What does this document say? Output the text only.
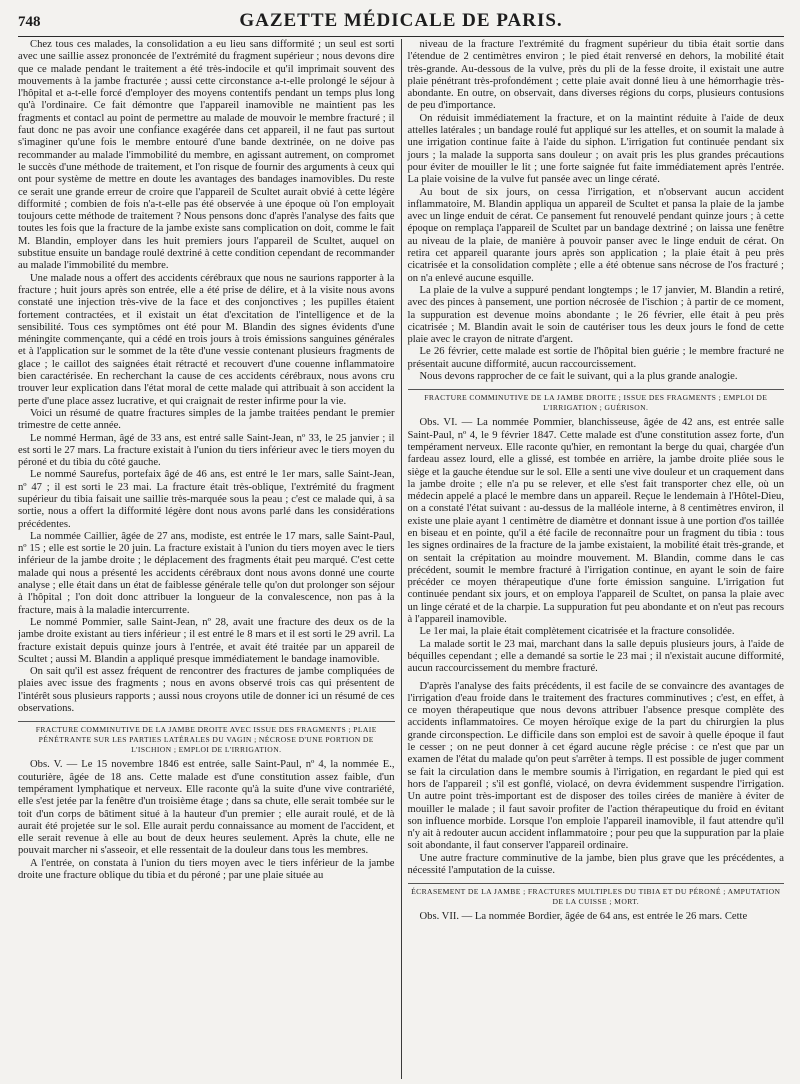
748	GAZETTE MÉDICALE DE PARIS.

Chez tous ces malades, la consolidation a eu lieu sans difformité ; un seul est sorti avec une saillie assez prononcée de l'extrémité du fragment supérieur ; nous devons dire que ce malade pendant le traitement a été très-indocile et qu'il imprimait souvent des mouvements à la jambe fracturée ; aussi cette circonstance a-t-elle prolongé le séjour à l'hôpital et a-t-elle forcé d'employer des moyens contentifs pendant un temps plus long qu'à l'ordinaire. Ce fait démontre que l'appareil inamovible ne maintient pas les fragments et contacl au point de permettre au malade de mouvoir le membre fracturé ; il faut donc ne pas avoir une confiance exagérée dans cet appareil, il ne faut pas surtout s'imaginer qu'une fois le membre entouré d'une bande dextrinée, on ne doive pas recommander au malade l'immobilité du membre, en agissant autrement, on compromet le succès d'une méthode de traitement, et l'on risque de fournir des arguments à ceux qui ont pour système de mettre en doute les avantages des bandages inamovibles. Du reste ce serait une grande erreur de croire que l'appareil de Scultet aurait obvié à cette légère difformité ; combien de fois n'a-t-elle pas été observée à une époque où l'on employait toujours cette méthode de traitement ? Nous pensons donc d'après l'analyse des faits que toutes les fois que la fracture de la jambe existe sans complication on doit, comme le fait M. Blandin, employer dans les huit premiers jours l'appareil de Scultet, auquel on substitue ensuite un bandage roulé dextriné à cette condition cependant de recommander au malade l'immobilité du membre.

Une malade nous a offert des accidents cérébraux que nous ne saurions rapporter à la fracture ; huit jours après son entrée, elle a été prise de délire, et à la visite nous avons constaté une injection très-vive de la face et des conjonctives ; les pupilles étaient fortement contractées, et il existait un état d'excitation de l'intelligence et de la sensibilité. Tous ces symptômes ont été pour M. Blandin des signes évidents d'une méningite commençante, qui a cédé en trois jours à trois émissions sanguines générales et à l'application sur le sommet de la tête d'une vessie contenant plusieurs fragments de glace ; le caillot des saignées était rétracté et recouvert d'une couenne inflammatoire bien caractérisée. En recherchant la cause de ces accidents cérébraux, nous avons cru trouver leur explication dans l'état moral de cette malade qui attribuait à son accident la perte d'une place assez lucrative, et qui craignait de rester infirme pour la vie.

Voici un résumé de quatre fractures simples de la jambe traitées pendant le premier trimestre de cette année.

Le nommé Herman, âgé de 33 ans, est entré salle Saint-Jean, nº 33, le 25 janvier ; il est sorti le 27 mars. La fracture existait à l'union du tiers inférieur avec le tiers moyen du péroné et du tibia du côté gauche.

Le nommé Saurefus, portefaix âgé de 46 ans, est entré le 1er mars, salle Saint-Jean, nº 47 ; il est sorti le 23 mai. La fracture était très-oblique, l'extrémité du fragment supérieur du tibia faisait une saillie très-marquée sous la peau ; c'est ce malade qui, à sa sortie, nous a offert la difformité légère dont nous avons parlé dans les considérations précédentes.

La nommée Caillier, âgée de 27 ans, modiste, est entrée le 17 mars, salle Saint-Paul, nº 15 ; elle est sortie le 20 juin. La fracture existait à l'union du tiers moyen avec le tiers inférieur de la jambe droite ; le déplacement des fragments était peu marqué. C'est cette malade qui nous a présenté les accidents cérébraux dont nous avons donné une courte analyse ; elle était dans un état de faiblesse générale telle qu'on dut prolonger son séjour à l'hôpital ; l'on doit donc attribuer la longueur de la convalescence, non pas à la fracture, mais à la maladie intercurrente.

Le nommé Pommier, salle Saint-Jean, nº 28, avait une fracture des deux os de la jambe droite existant au tiers inférieur ; il est entré le 8 mars et il est sorti le 29 avril. La fracture existait depuis quinze jours à l'entrée, et avait été traitée par un appareil de Scultet ; aussi M. Blandin a appliqué presque immédiatement le bandage inamovible.

On sait qu'il est assez fréquent de rencontrer des fractures de jambe compliquées de plaies avec issue des fragments ; nous en avons observé trois cas qui présentent de l'intérêt sous plusieurs rapports ; aussi nous croyons utile de donner ici un résumé de ces observations.

FRACTURE COMMINUTIVE DE LA JAMBE DROITE AVEC ISSUE DES FRAGMENTS ; PLAIE PÉNÉTRANTE SUR LES PARTIES LATÉRALES DU VAGIN ; NÉCROSE D'UNE PORTION DE L'ISCHION ; EMPLOI DE L'IRRIGATION.

Obs. V. — Le 15 novembre 1846 est entrée, salle Saint-Paul, nº 4, la nommée E., couturière, âgée de 18 ans. Cette malade est d'une constitution assez faible, d'un tempérament lymphatique et nerveux. Elle raconte qu'à la suite d'une vive contrariété, elle s'est jetée par la fenêtre d'un troisième étage ; dans sa chute, elle serait tombée sur le toit d'un corps de bâtiment situé à la hauteur d'un premier ; elle aurait roulé, et de là aurait été projetée sur le sol. Elle aurait perdu connaissance au moment de l'accident, et elle serait revenue à elle au bout de deux heures seulement. Après la chute, elle ne pouvait marcher ni s'asseoir, et elle ressentait de la douleur dans tous les membres.

A l'entrée, on constata à l'union du tiers moyen avec le tiers inférieur de la jambe droite une fracture oblique du tibia et du péroné ; par une plaie située au

niveau de la fracture l'extrémité du fragment supérieur du tibia était sortie dans l'étendue de 2 centimètres environ ; le pied était renversé en dehors, la mobilité était très-grande. Au-dessous de la vulve, près du pli de la fesse droite, il existait une autre plaie pénétrant très-profondément ; cette plaie avait donné lieu à une hémorrhagie très-abondante. En outre, on observait, dans diverses régions du corps, plusieurs contusions de peu d'importance.

On réduisit immédiatement la fracture, et on la maintint réduite à l'aide de deux attelles latérales ; un bandage roulé fut appliqué sur les attelles, et on soumit la malade à une irrigation continue faite à l'aide du siphon. L'irrigation fut continuée pendant six jours ; la malade la supporta sans douleur ; on avait pris les plus grandes précautions pour éviter de mouiller le lit ; une forte saignée fut faite immédiatement après l'entrée. La plaie voisine de la vulve fut pansée avec un linge cératé.

Au bout de six jours, on cessa l'irrigation, et n'observant aucun accident inflammatoire, M. Blandin appliqua un appareil de Scultet et pansa la plaie de la jambe avec un linge enduit de cérat. Ce pansement fut renouvelé pendant quinze jours ; à cette époque on remplaça l'appareil de Scultet par un bandage dextriné ; on laissa une fenêtre au niveau de la plaie, de manière à pouvoir panser avec le linge enduit de cérat. On retira cet appareil quarante jours après son application ; la plaie était à peu près cicatrisée et la consolidation complète ; elle a été obtenue sans nécrose de l'os fracturé ; on n'a enlevé aucune esquille.

La plaie de la vulve a suppuré pendant longtemps ; le 17 janvier, M. Blandin a retiré, avec des pinces à pansement, une portion nécrosée de l'ischion ; à partir de ce moment, la suppuration est devenue moins abondante ; le 26 février, elle était à peu près cicatrisée ; M. Blandin avait le soin de cautériser tous les deux jours le fond de cette plaie avec le crayon de nitrate d'argent.

Le 26 février, cette malade est sortie de l'hôpital bien guérie ; le membre fracturé ne présentait aucune difformité, aucun raccourcissement.

Nous devons rapprocher de ce fait le suivant, qui a la plus grande analogie.

FRACTURE COMMINUTIVE DE LA JAMBE DROITE ; ISSUE DES FRAGMENTS ; EMPLOI DE L'IRRIGATION ; GUÉRISON.

Obs. VI. — La nommée Pommier, blanchisseuse, âgée de 42 ans, est entrée salle Saint-Paul, nº 4, le 9 février 1847. Cette malade est d'une constitution assez forte, d'un tempérament nerveux. Elle raconte qu'hier, en remontant la berge du quai, chargée d'un fardeau assez lourd, elle a glissé, est tombée en arrière, la jambe droite pliée sous le siège et la gauche étendue sur le sol. Elle a senti une vive douleur et un craquement dans la jambe droite ; elle n'a pu se relever, et elle s'est fait transporter chez elle, où un médecin appelé a placé le membre dans un appareil. Reçue le lendemain à l'Hôtel-Dieu, on a constaté l'état suivant : au-dessus de la malléole interne, à 8 centimètres environ, il existe une plaie ayant 1 centimètre de diamètre et donnant issue à une portion d'os taillée en biseau et en pointe, qu'il a été facile de reconnaître pour un fragment du tibia : tous les signes ordinaires de la fracture de la jambe existaient, la mobilité était très-grande, et on sentait la crépitation au moindre mouvement. M. Blandin, comme dans le cas précédent, soumit le membre fracturé à l'irrigation continue, en ayant le soin de faire précéder ce moyen thérapeutique d'une forte émission sanguine. L'irrigation fut continuée pendant six jours, et on employa l'appareil de Scultet, on pansa la plaie avec un linge cératé et de la charpie. La suppuration fut peu abondante et on n'eut pas recours à l'appareil inamovible.

Le 1er mai, la plaie était complètement cicatrisée et la fracture consolidée.

La malade sortit le 23 mai, marchant dans la salle depuis plusieurs jours, à l'aide de béquilles cependant ; elle a demandé sa sortie le 23 mai ; il n'existait aucune difformité, aucun raccourcissement du membre fracturé.

D'après l'analyse des faits précédents, il est facile de se convaincre des avantages de l'irrigation d'eau froide dans le traitement des fractures comminutives ; c'est, en effet, à ce moyen thérapeutique que nous devons attribuer l'absence presque complète des accidents inflammatoires. Ce moyen héroïque exige de la part du chirurgien la plus grande circonspection. Le difficile dans son emploi est de savoir à quelle époque il faut le cesser ; on ne peut donner à cet égard aucune règle précise : ce n'est que par un examen de l'état du malade qu'on peut s'arrêter à temps. Il est possible de juger comment se fait la circulation dans le membre soumis à l'irrigation, en regardant le pied qui est hors de l'appareil ; s'il est gonflé, violacé, on devra évidemment suspendre l'irrigation. Un autre point très-important est de disposer des toiles cirées de manière à éviter de mouiller le malade ; il faut savoir profiter de l'action thérapeutique du froid en évitant son influence morbide. Lorsque l'on emploie l'appareil inamovible, il faut attendre qu'il n'y ait à redouter aucun accident inflammatoire ; pour peu que la suppuration par la plaie soit abondante, il faut conserver l'appareil ordinaire.

Une autre fracture comminutive de la jambe, bien plus grave que les précédentes, a nécessité l'amputation de la cuisse.

ÉCRASEMENT DE LA JAMBE ; FRACTURES MULTIPLES DU TIBIA ET DU PÉRONÉ ; AMPUTATION DE LA CUISSE ; MORT.

Obs. VII. — La nommée Bordier, âgée de 64 ans, est entrée le 26 mars. Cette
